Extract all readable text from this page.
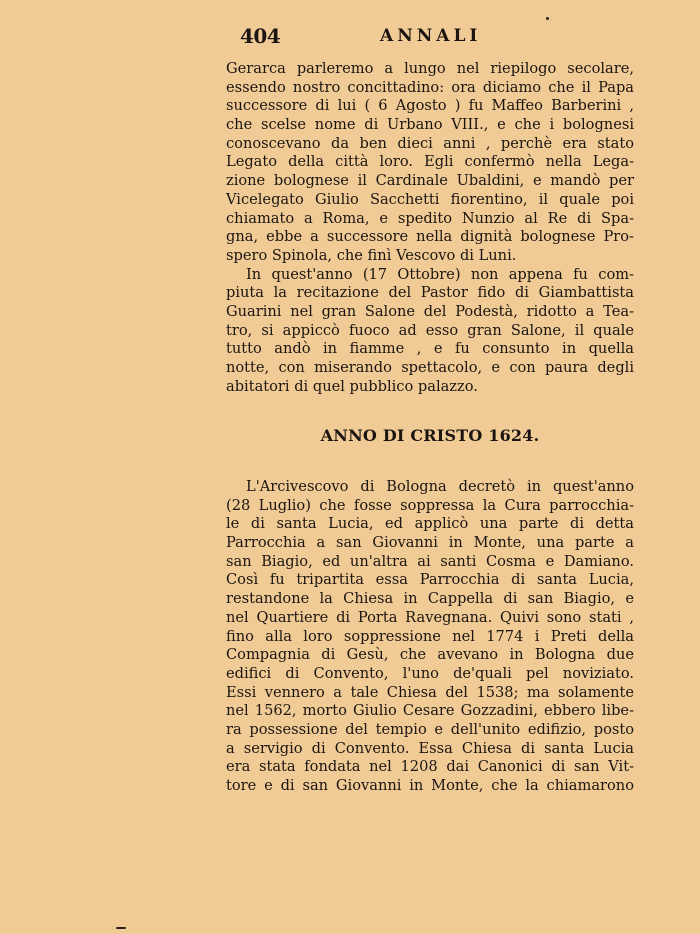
404	ANNALI
Gerarca parleremo a lungo nel riepilogo secolare,
essendo nostro concittadino: ora diciamo che il Papa
successore di lui ( 6 Agosto ) fu Maffeo Barberini ,
che scelse nome di Urbano VIII., e che i bolognesi
conoscevano da ben dieci anni , perchè era stato
Legato della città loro. Egli confermò nella Lega-
zione bolognese il Cardinale Ubaldini, e mandò per
Vicelegato Giulio Sacchetti fiorentino, il quale poi
chiamato a Roma, e spedito Nunzio al Re di Spa-
gna, ebbe a successore nella dignità bolognese Pro-
spero Spinola, che finì Vescovo di Luni.
In quest'anno (17 Ottobre) non appena fu com-
piuta la recitazione del Pastor fido di Giambattista
Guarini nel gran Salone del Podestà, ridotto a Tea-
tro, si appiccò fuoco ad esso gran Salone, il quale
tutto andò in fiamme , e fu consunto in quella
notte, con miserando spettacolo, e con paura degli
abitatori di quel pubblico palazzo.
ANNO DI CRISTO 1624.
L'Arcivescovo di Bologna decretò in quest'anno
(28 Luglio) che fosse soppressa la Cura parrocchia-
le di santa Lucia, ed applicò una parte di detta
Parrocchia a san Giovanni in Monte, una parte a
san Biagio, ed un'altra ai santi Cosma e Damiano.
Così fu tripartita essa Parrocchia di santa Lucia,
restandone la Chiesa in Cappella di san Biagio, e
nel Quartiere di Porta Ravegnana. Quivi sono stati ,
fino alla loro soppressione nel 1774 i Preti della
Compagnia di Gesù, che avevano in Bologna due
edifici di Convento, l'uno de'quali pel noviziato.
Essi vennero a tale Chiesa del 1538; ma solamente
nel 1562, morto Giulio Cesare Gozzadini, ebbero libe-
ra possessione del tempio e dell'unito edifizio, posto
a servigio di Convento. Essa Chiesa di santa Lucia
era stata fondata nel 1208 dai Canonici di san Vit-
tore e di san Giovanni in Monte, che la chiamarono
